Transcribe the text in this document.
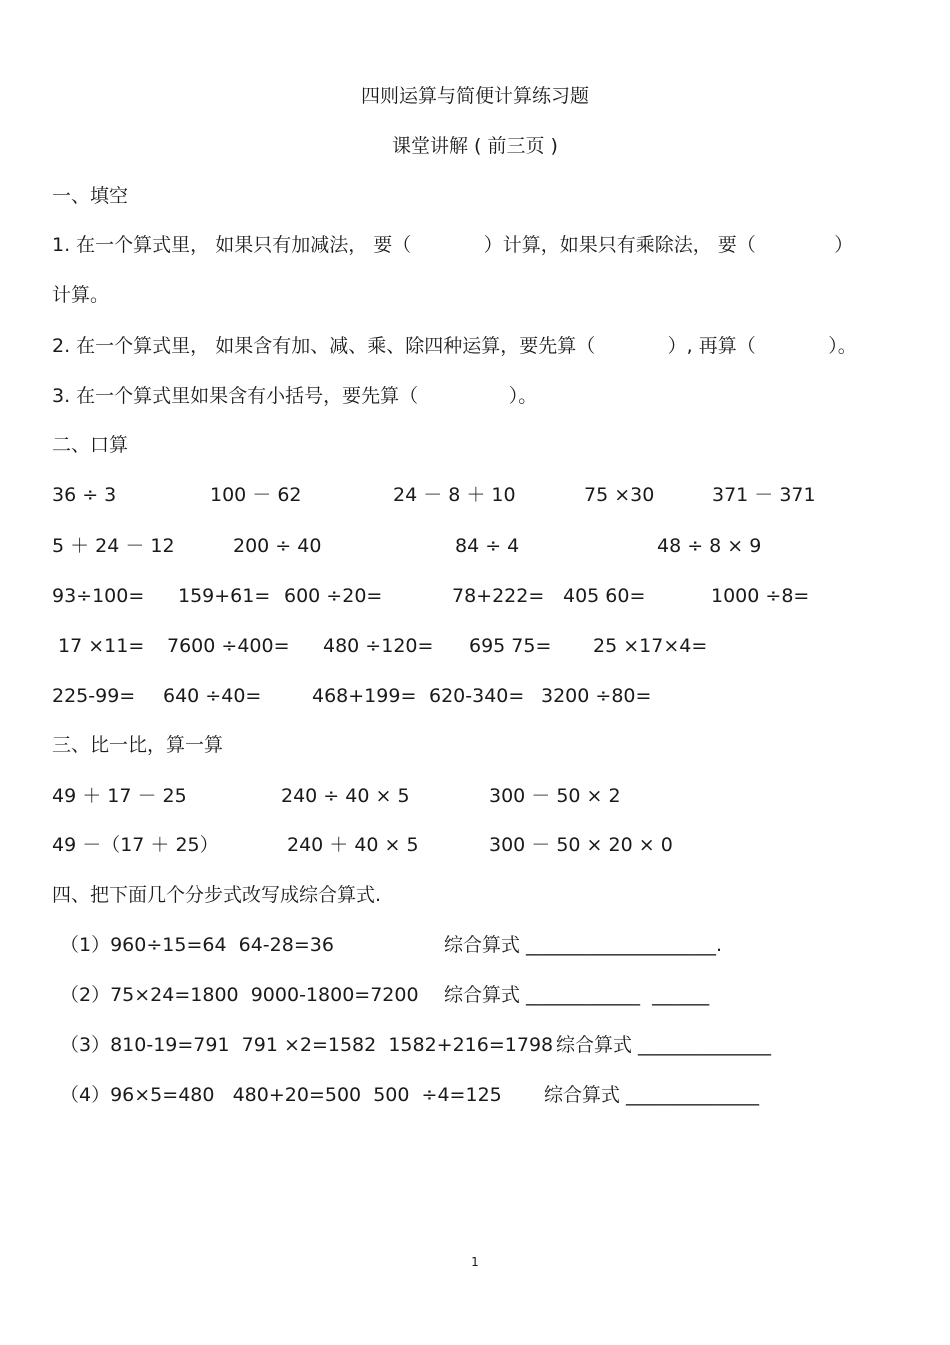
四则运算与简便计算练习题
课堂讲解 ( 前三页 )
一、填空
1. 在一个算式里， 如果只有加减法， 要（            ）计算，如果只有乘除法， 要（             ）
计算。
2. 在一个算式里， 如果含有加、减、乘、除四种运算，要先算（            ）, 再算（            ）。
3. 在一个算式里如果含有小括号，要先算（               ）。
二、口算
36 ÷ 3	100 － 62	24 － 8 ＋ 10	75 ×30	371 － 371
5 ＋ 24 － 12	200 ÷ 40	84 ÷ 4	48 ÷ 8 × 9
93÷100= 159+61= 600 ÷20=	78+222= 405 60=	1000 ÷8=
17 ×11= 7600 ÷400= 480 ÷120= 695 75= 25 ×17×4=
225-99= 640 ÷40=	468+199= 620-340= 3200 ÷80=
三、比一比，算一算
49 ＋ 17 － 25	240 ÷ 40 × 5	300 － 50 × 2
49 －（17 ＋ 25）	240 ＋ 40 × 5	300 － 50 × 20 × 0
四、把下面几个分步式改写成综合算式.
（1）960÷15=64  64-28=36	综合算式 ____________________.
（2）75×24=1800  9000-1800=7200 综合算式 ____________  ______
（3）810-19=791  791 ×2=1582  1582+216=1798 综合算式 ______________
（4）96×5=480   480+20=500  500  ÷4=125 综合算式 ______________
1
